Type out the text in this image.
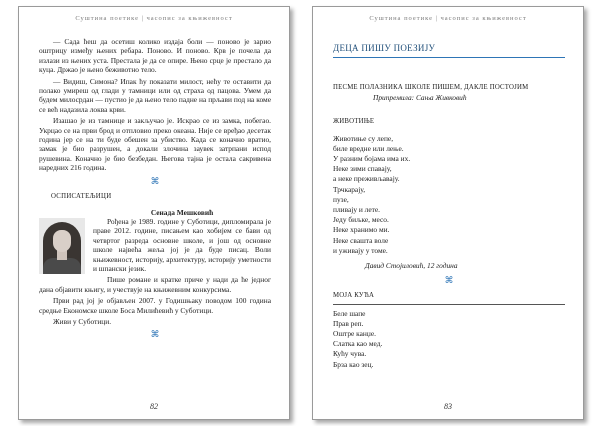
Суштина поетике | часопис за књижевност

— Сада ћеш да осетиш колико издаја боли — поново је зарио оштрицу између њених ребара. Поново. И поново. Крв је почела да излази из њених уста. Престала је да се опире. Њено срце је престало да куца. Држао је њено беживотно тело.

— Видиш, Симона? Ипак ћу показати милост, нећу те оставити да полако умиреш од глади у тамници или од страха од пацова. Умем да будем милосрдан — пустио је да њено тело падне на прљави под на коме се већ надазила локва крви.

Изашао је из тамнице и закључао је. Искрао се из замка, побегао. Укрцао се на први брод и отпловио преко океана. Није се вређао десетак година јер се на ти буде обешен за убиство. Када се коначно вратио, замак је био разрушен, а докали злочина заувек затрпани испод рушевина. Коначно је био безбедан. Његова тајна је остала сакривена наредних 216 година.

⌘
ОСПИСАТЕЉИЦИ
Сенада Мешковић

Рођена је 1989. године у Суботици, дипломирала је праве 2012. године, писањем као хобијем се бави од четвртог разреда основне школе, и још од основне школе највећа жеља јој је да буде писац. Воли књижевност, историју, архитектуру, историју уметности и шпански језик.

Пише романе и кратке приче у нади да ће једног дана објавити књигу, и учествује на књижевним конкурсима.

Први рад јој је објављен 2007. у Годишњаку поводом 100 година средње Економске школе Боса Милићевић у Суботици.

Живи у Суботици.

⌘
82
Суштина поетике | часопис за књижевност
ДЕЦА ПИШУ ПОЕЗИЈУ
ПЕСМЕ ПОЛАЗНИКА ШКОЛЕ ПИШЕМ, ДАКЛЕ ПОСТОЈИМ
Припремила: Сања Живковић
ЖИВОТИЊЕ
Животиње су лепе,
биле вредне или лење.
У разним бојама има их.
Неке зими спавају,
а неке преживљавају.
Трчкарају,
пузе,
пливају и лете.
Једу биљке, месо.
Неке хранимо ми.
Неке свашта воле
и уживају у томе.
Давид Стојиловић, 12 година
⌘
МОЈА КУЋА
Беле шапе
Прав реп.
Оштре канџе.
Слатка као мед.
Кућу чува.
Брза као зец.
83
